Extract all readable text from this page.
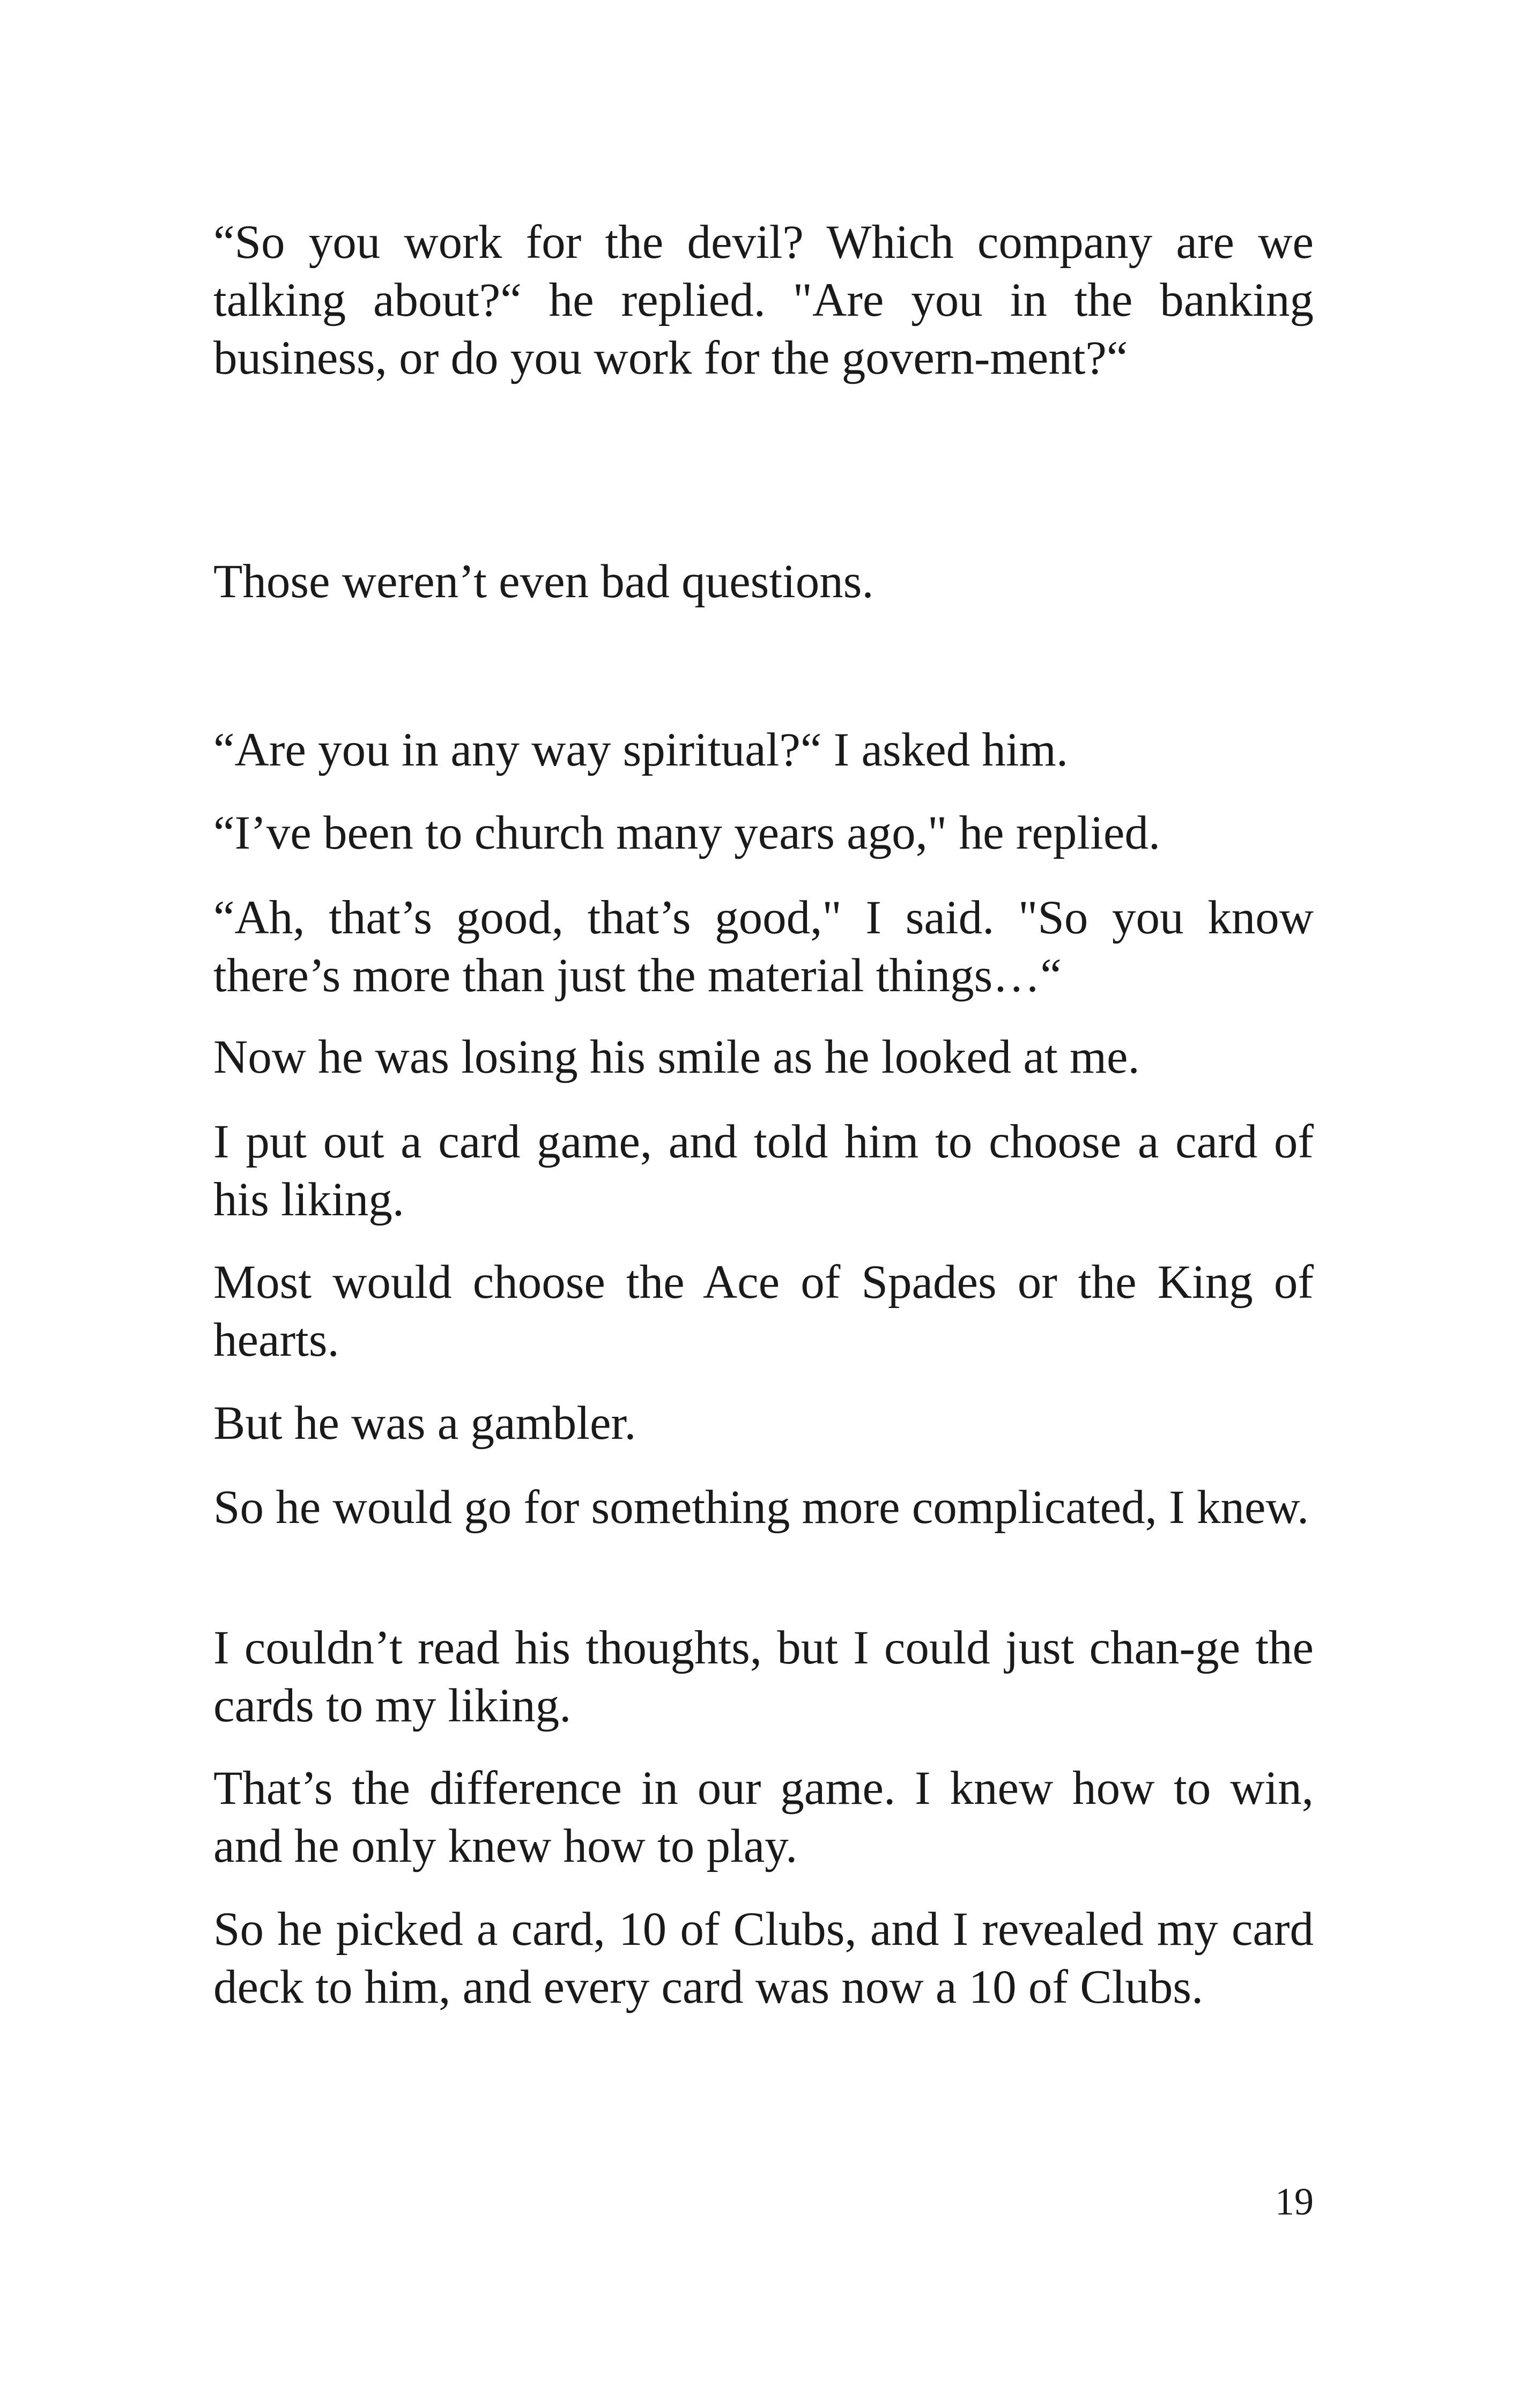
“So you work for the devil? Which company are we talking about?“ he replied. "Are you in the banking business, or do you work for the govern-ment?“

Those weren’t even bad questions.

“Are you in any way spiritual?“ I asked him.

“I’ve been to church many years ago," he replied.

“Ah, that’s good, that’s good," I said. "So you know there’s more than just the material things…“

Now he was losing his smile as he looked at me.

I put out a card game, and told him to choose a card of his liking.

Most would choose the Ace of Spades or the King of hearts.

But he was a gambler.

So he would go for something more complicated, I knew.

I couldn’t read his thoughts, but I could just chan-ge the cards to my liking.

That’s the difference in our game. I knew how to win, and he only knew how to play.

So he picked a card, 10 of Clubs, and I revealed my card deck to him, and every card was now a 10 of Clubs.

19
